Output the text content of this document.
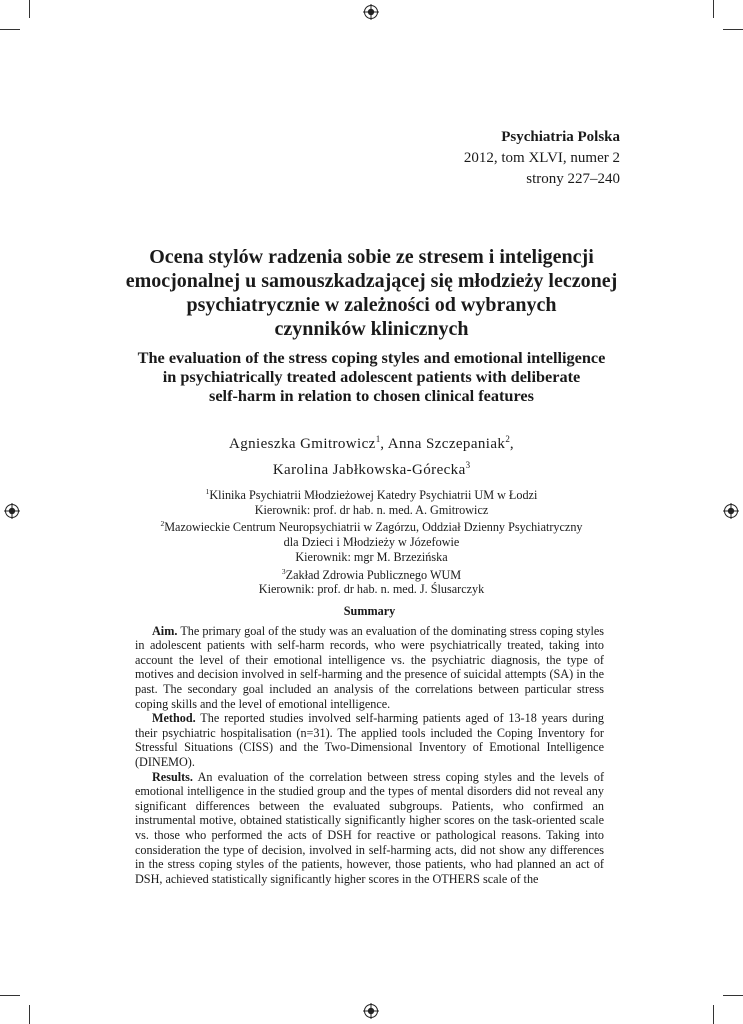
Psychiatria Polska
2012, tom XLVI, numer 2
strony 227–240
Ocena stylów radzenia sobie ze stresem i inteligencji
emocjonalnej u samouszkadzającej się młodzieży leczonej
psychiatrycznie w zależności od wybranych
czynników klinicznych
The evaluation of the stress coping styles and emotional intelligence
in psychiatrically treated adolescent patients with deliberate
self-harm in relation to chosen clinical features
Agnieszka Gmitrowicz$^1$, Anna Szczepaniak$^2$,
Karolina Jabłkowska-Górecka$^3$
$^1$Klinika Psychiatrii Młodzieżowej Katedry Psychiatrii UM w Łodzi
Kierownik: prof. dr hab. n. med. A. Gmitrowicz
$^2$Mazowieckie Centrum Neuropsychiatrii w Zagórzu, Oddział Dzienny Psychiatryczny
dla Dzieci i Młodzieży w Józefowie
Kierownik: mgr M. Brzezińska
$^3$Zakład Zdrowia Publicznego WUM
Kierownik: prof. dr hab. n. med. J. Ślusarczyk
Summary

Aim. The primary goal of the study was an evaluation of the dominating stress coping styles in adolescent patients with self-harm records, who were psychiatrically treated, taking into account the level of their emotional intelligence vs. the psychiatric diagnosis, the type of motives and decision involved in self-harming and the presence of suicidal attempts (SA) in the past. The secondary goal included an analysis of the correlations between particular stress coping skills and the level of emotional intelligence.

Method. The reported studies involved self-harming patients aged of 13-18 years during their psychiatric hospitalisation (n=31). The applied tools included the Coping Inventory for Stressful Situations (CISS) and the Two-Dimensional Inventory of Emotional Intelligence (DINEMO).

Results. An evaluation of the correlation between stress coping styles and the levels of emotional intelligence in the studied group and the types of mental disorders did not reveal any significant differences between the evaluated subgroups. Patients, who confirmed an instrumental motive, obtained statistically significantly higher scores on the task-oriented scale vs. those who performed the acts of DSH for reactive or pathological reasons. Taking into consideration the type of decision, involved in self-harming acts, did not show any differences in the stress coping styles of the patients, however, those patients, who had planned an act of DSH, achieved statistically significantly higher scores in the OTHERS scale of the
